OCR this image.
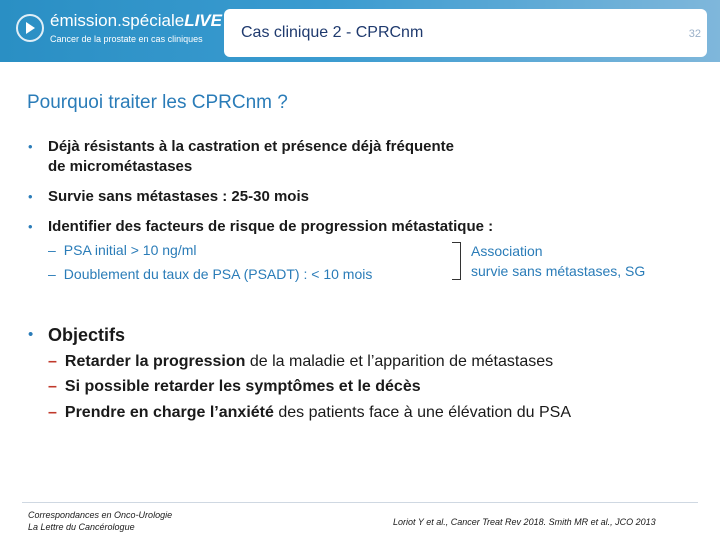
émission.spécialeLIVE
Cancer de la prostate en cas cliniques Cas clinique 2 - CPRCnm	32
Pourquoi traiter les CPRCnm ?
• Déjà résistants à la castration et présence déjà fréquente
de micrométastases
• Survie sans métastases : 25-30 mois
• Identifier des facteurs de risque de progression métastatique :
– PSA initial > 10 ng/ml
– Doublement du taux de PSA (PSADT) : < 10 mois
Association
survie sans métastases, SG
• Objectifs
– Retarder la progression de la maladie et l’apparition de métastases
– Si possible retarder les symptômes et le décès
– Prendre en charge l’anxiété des patients face à une élévation du PSA
Correspondances en Onco-Urologie
La Lettre du Cancérologue	Loriot Y et al., Cancer Treat Rev 2018. Smith MR et al., JCO 2013
